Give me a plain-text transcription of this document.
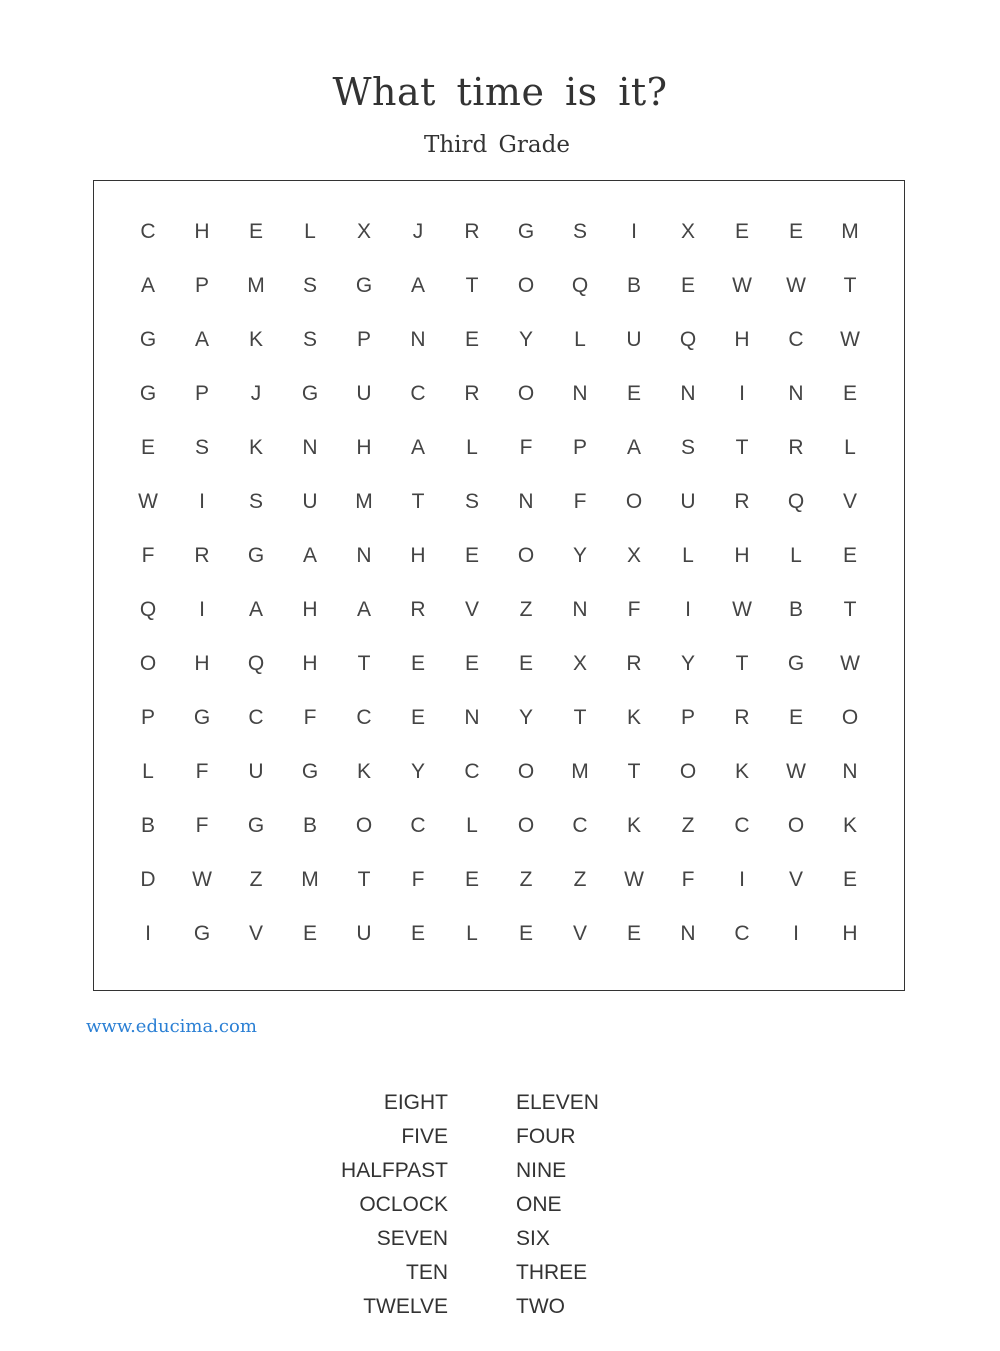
What time is it?
Third Grade
C	H	E	L	X	J	R	G	S	I	X	E	E	M
A	P	M	S	G	A	T	O	Q	B	E	W	W	T
G	A	K	S	P	N	E	Y	L	U	Q	H	C	W
G	P	J	G	U	C	R	O	N	E	N	I	N	E
E	S	K	N	H	A	L	F	P	A	S	T	R	L
W	I	S	U	M	T	S	N	F	O	U	R	Q	V
F	R	G	A	N	H	E	O	Y	X	L	H	L	E
Q	I	A	H	A	R	V	Z	N	F	I	W	B	T
O	H	Q	H	T	E	E	E	X	R	Y	T	G	W
P	G	C	F	C	E	N	Y	T	K	P	R	E	O
L	F	U	G	K	Y	C	O	M	T	O	K	W	N
B	F	G	B	O	C	L	O	C	K	Z	C	O	K
D	W	Z	M	T	F	E	Z	Z	W	F	I	V	E
I	G	V	E	U	E	L	E	V	E	N	C	I	H
www.educima.com
EIGHT
FIVE
HALFPAST
OCLOCK
SEVEN
TEN
TWELVE
ELEVEN
FOUR
NINE
ONE
SIX
THREE
TWO
